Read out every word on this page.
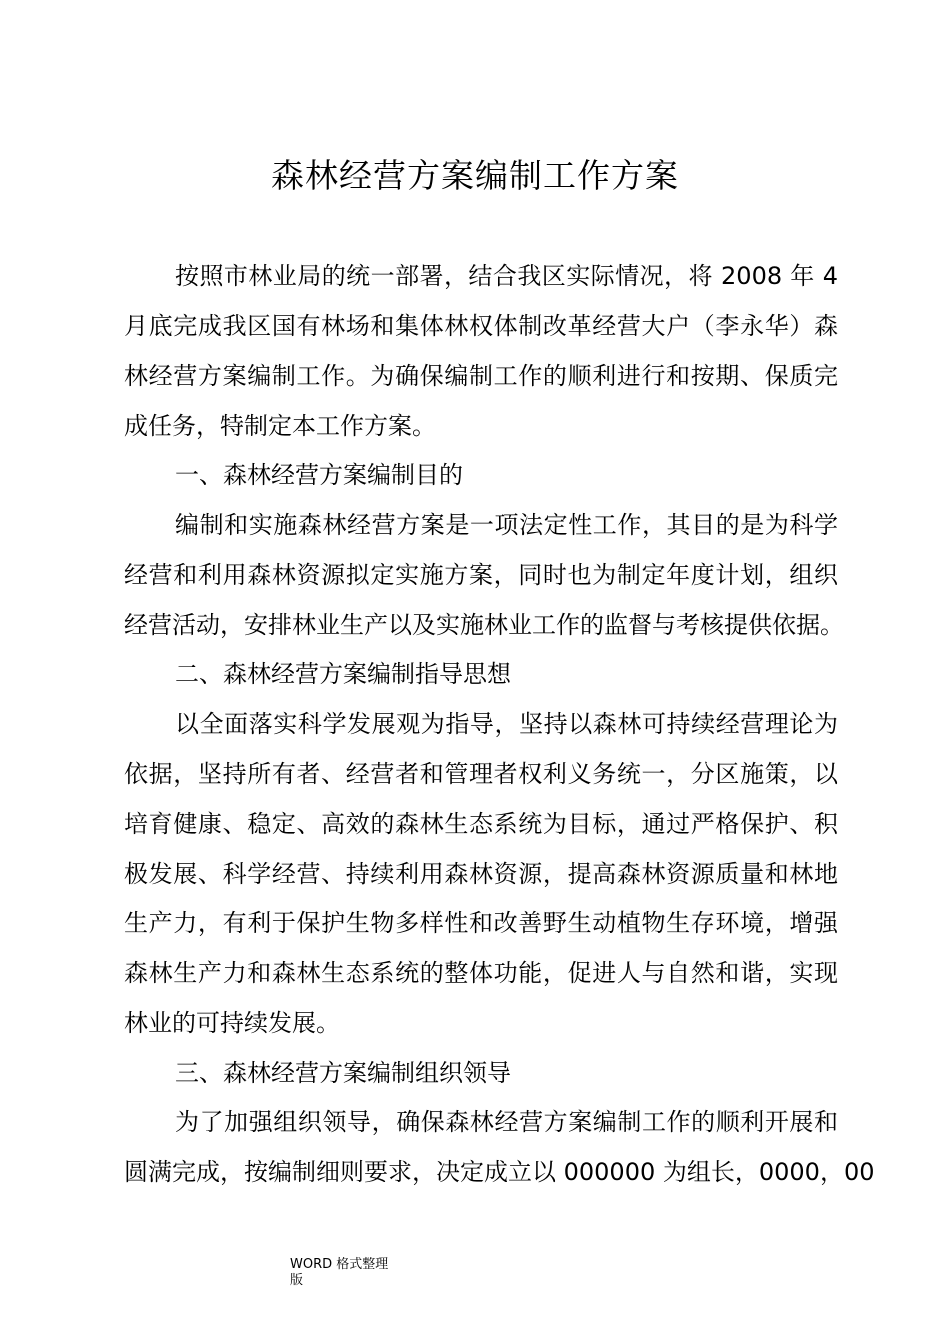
森林经营方案编制工作方案
按照市林业局的统一部署，结合我区实际情况，将 2008 年 4
月底完成我区国有林场和集体林权体制改革经营大户（李永华）森
林经营方案编制工作。为确保编制工作的顺利进行和按期、保质完
成任务，特制定本工作方案。
一、森林经营方案编制目的
编制和实施森林经营方案是一项法定性工作，其目的是为科学
经营和利用森林资源拟定实施方案，同时也为制定年度计划，组织
经营活动，安排林业生产以及实施林业工作的监督与考核提供依据。
二、森林经营方案编制指导思想
以全面落实科学发展观为指导，坚持以森林可持续经营理论为
依据，坚持所有者、经营者和管理者权利义务统一，分区施策，以
培育健康、稳定、高效的森林生态系统为目标，通过严格保护、积
极发展、科学经营、持续利用森林资源，提高森林资源质量和林地
生产力，有利于保护生物多样性和改善野生动植物生存环境，增强
森林生产力和森林生态系统的整体功能，促进人与自然和谐，实现
林业的可持续发展。
三、森林经营方案编制组织领导
为了加强组织领导，确保森林经营方案编制工作的顺利开展和
圆满完成，按编制细则要求，决定成立以 000000 为组长，0000，00
WORD 格式整理
版
